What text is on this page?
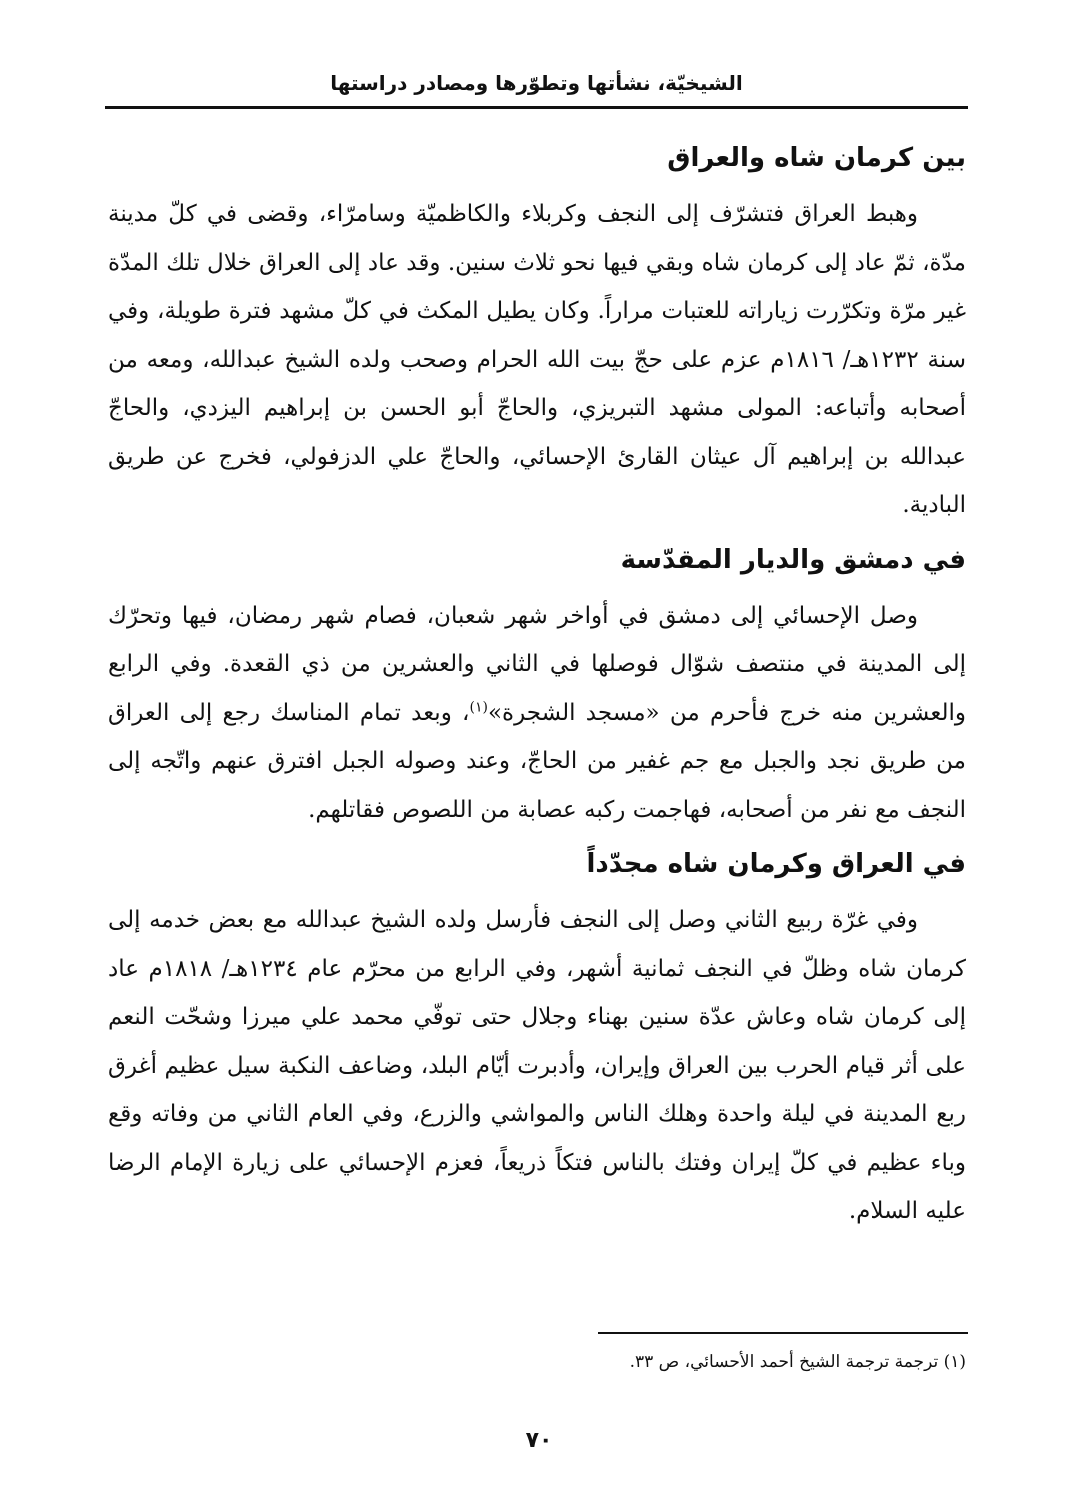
الشيخيّة، نشأتها وتطوّرها ومصادر دراستها
بين كرمان شاه والعراق

وهبط العراق فتشرّف إلى النجف وكربلاء والكاظميّة وسامرّاء، وقضى في كلّ مدينة مدّة، ثمّ عاد إلى كرمان شاه وبقي فيها نحو ثلاث سنين. وقد عاد إلى العراق خلال تلك المدّة غير مرّة وتكرّرت زياراته للعتبات مراراً. وكان يطيل المكث في كلّ مشهد فترة طويلة، وفي سنة ١٢٣٢هـ/ ١٨١٦م عزم على حجّ بيت الله الحرام وصحب ولده الشيخ عبدالله، ومعه من أصحابه وأتباعه: المولى مشهد التبريزي، والحاجّ أبو الحسن بن إبراهيم اليزدي، والحاجّ عبدالله بن إبراهيم آل عيثان القارئ الإحسائي، والحاجّ علي الدزفولي، فخرج عن طريق البادية.

في دمشق والديار المقدّسة

وصل الإحسائي إلى دمشق في أواخر شهر شعبان، فصام شهر رمضان، فيها وتحرّك إلى المدينة في منتصف شوّال فوصلها في الثاني والعشرين من ذي القعدة. وفي الرابع والعشرين منه خرج فأحرم من «مسجد الشجرة»$^{(١)}$، وبعد تمام المناسك رجع إلى العراق من طريق نجد والجبل مع جم غفير من الحاجّ، وعند وصوله الجبل افترق عنهم واتّجه إلى النجف مع نفر من أصحابه، فهاجمت ركبه عصابة من اللصوص فقاتلهم.

في العراق وكرمان شاه مجدّداً

وفي غرّة ربيع الثاني وصل إلى النجف فأرسل ولده الشيخ عبدالله مع بعض خدمه إلى كرمان شاه وظلّ في النجف ثمانية أشهر، وفي الرابع من محرّم عام ١٢٣٤هـ/ ١٨١٨م عاد إلى كرمان شاه وعاش عدّة سنين بهناء وجلال حتى توفّي محمد علي ميرزا وشحّت النعم على أثر قيام الحرب بين العراق وإيران، وأدبرت أيّام البلد، وضاعف النكبة سيل عظيم أغرق ربع المدينة في ليلة واحدة وهلك الناس والمواشي والزرع، وفي العام الثاني من وفاته وقع وباء عظيم في كلّ إيران وفتك بالناس فتكاً ذريعاً، فعزم الإحسائي على زيارة الإمام الرضا عليه السلام.

(١) ترجمة ترجمة الشيخ أحمد الأحسائي، ص ٣٣.
٧٠
